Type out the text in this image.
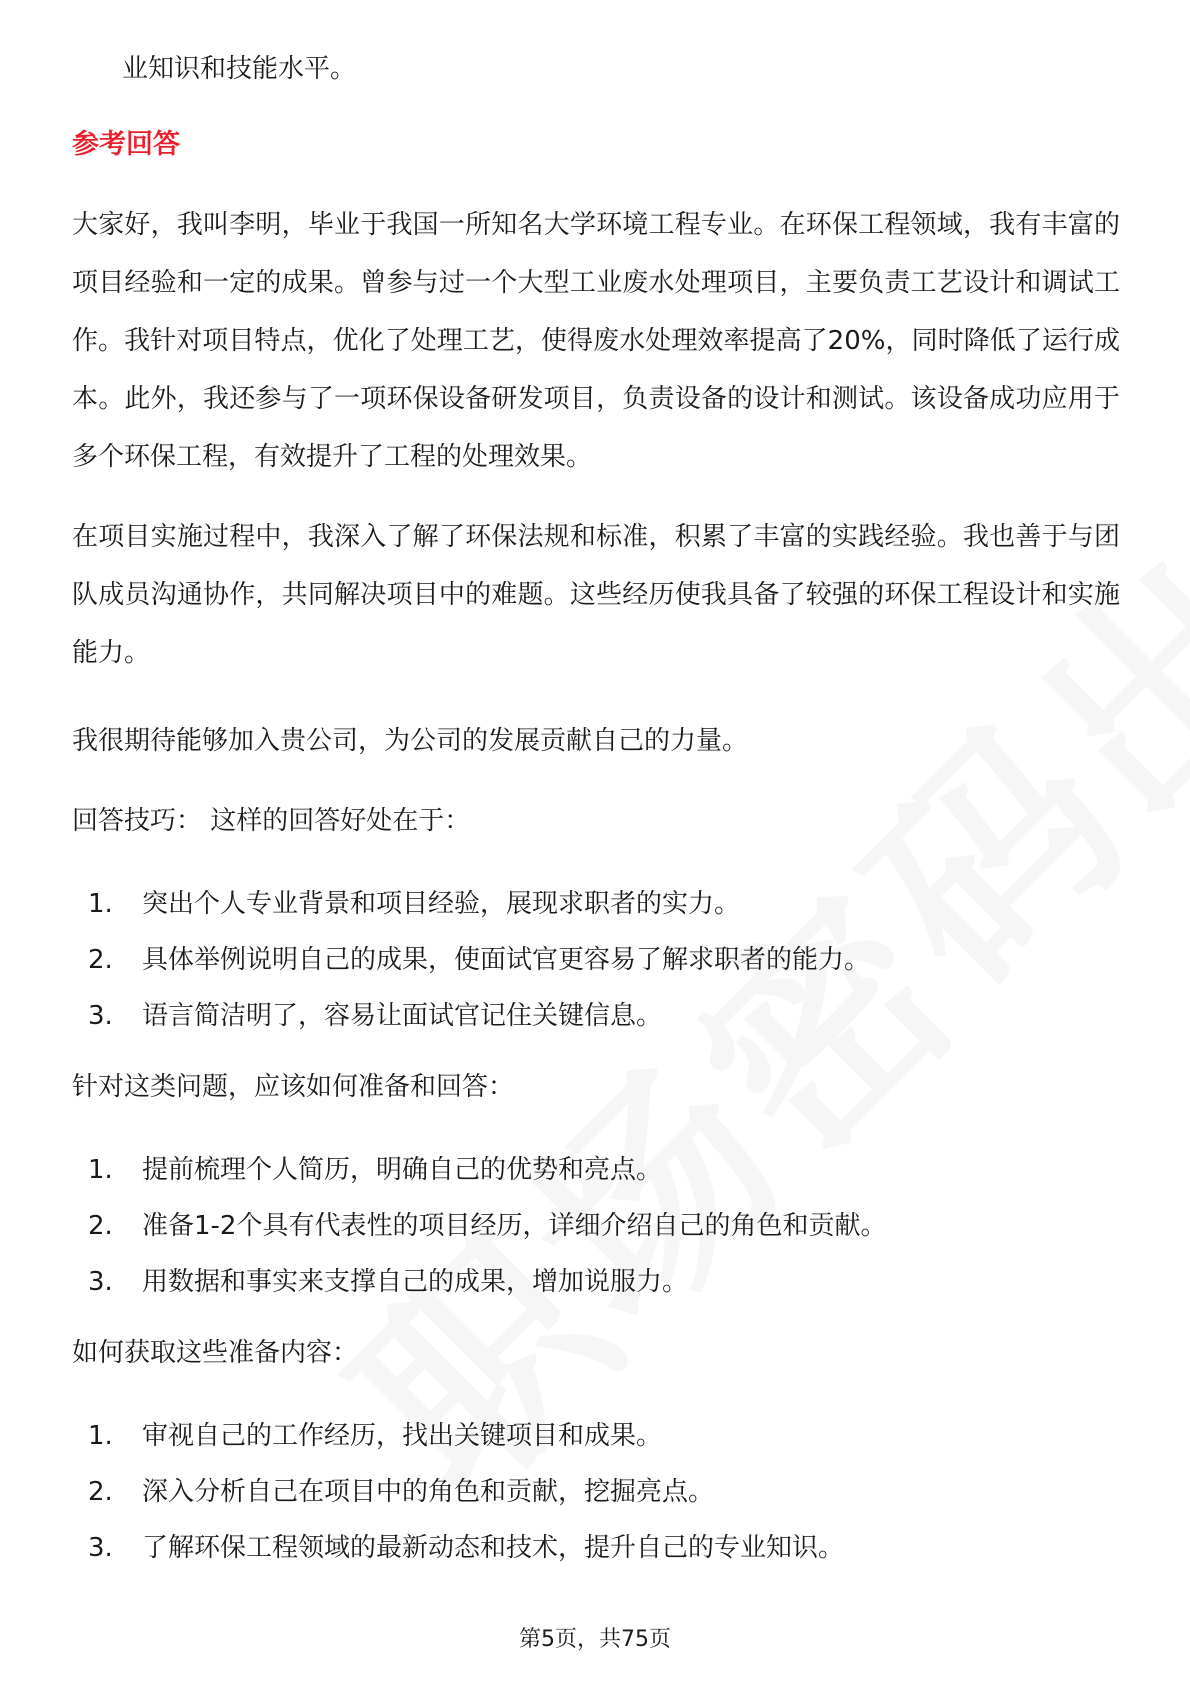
业知识和技能水平。
参考回答
大家好，我叫李明，毕业于我国一所知名大学环境工程专业。在环保工程领域，我有丰富的项目经验和一定的成果。曾参与过一个大型工业废水处理项目，主要负责工艺设计和调试工作。我针对项目特点，优化了处理工艺，使得废水处理效率提高了20%，同时降低了运行成本。此外，我还参与了一项环保设备研发项目，负责设备的设计和测试。该设备成功应用于多个环保工程，有效提升了工程的处理效果。
在项目实施过程中，我深入了解了环保法规和标准，积累了丰富的实践经验。我也善于与团队成员沟通协作，共同解决项目中的难题。这些经历使我具备了较强的环保工程设计和实施能力。
我很期待能够加入贵公司，为公司的发展贡献自己的力量。
回答技巧： 这样的回答好处在于：
1.	突出个人专业背景和项目经验，展现求职者的实力。
2.	具体举例说明自己的成果，使面试官更容易了解求职者的能力。
3.	语言简洁明了，容易让面试官记住关键信息。
针对这类问题，应该如何准备和回答：
1.	提前梳理个人简历，明确自己的优势和亮点。
2.	准备1-2个具有代表性的项目经历，详细介绍自己的角色和贡献。
3.	用数据和事实来支撑自己的成果，增加说服力。
如何获取这些准备内容：
1.	审视自己的工作经历，找出关键项目和成果。
2.	深入分析自己在项目中的角色和贡献，挖掘亮点。
3.	了解环保工程领域的最新动态和技术，提升自己的专业知识。
第5页，共75页
